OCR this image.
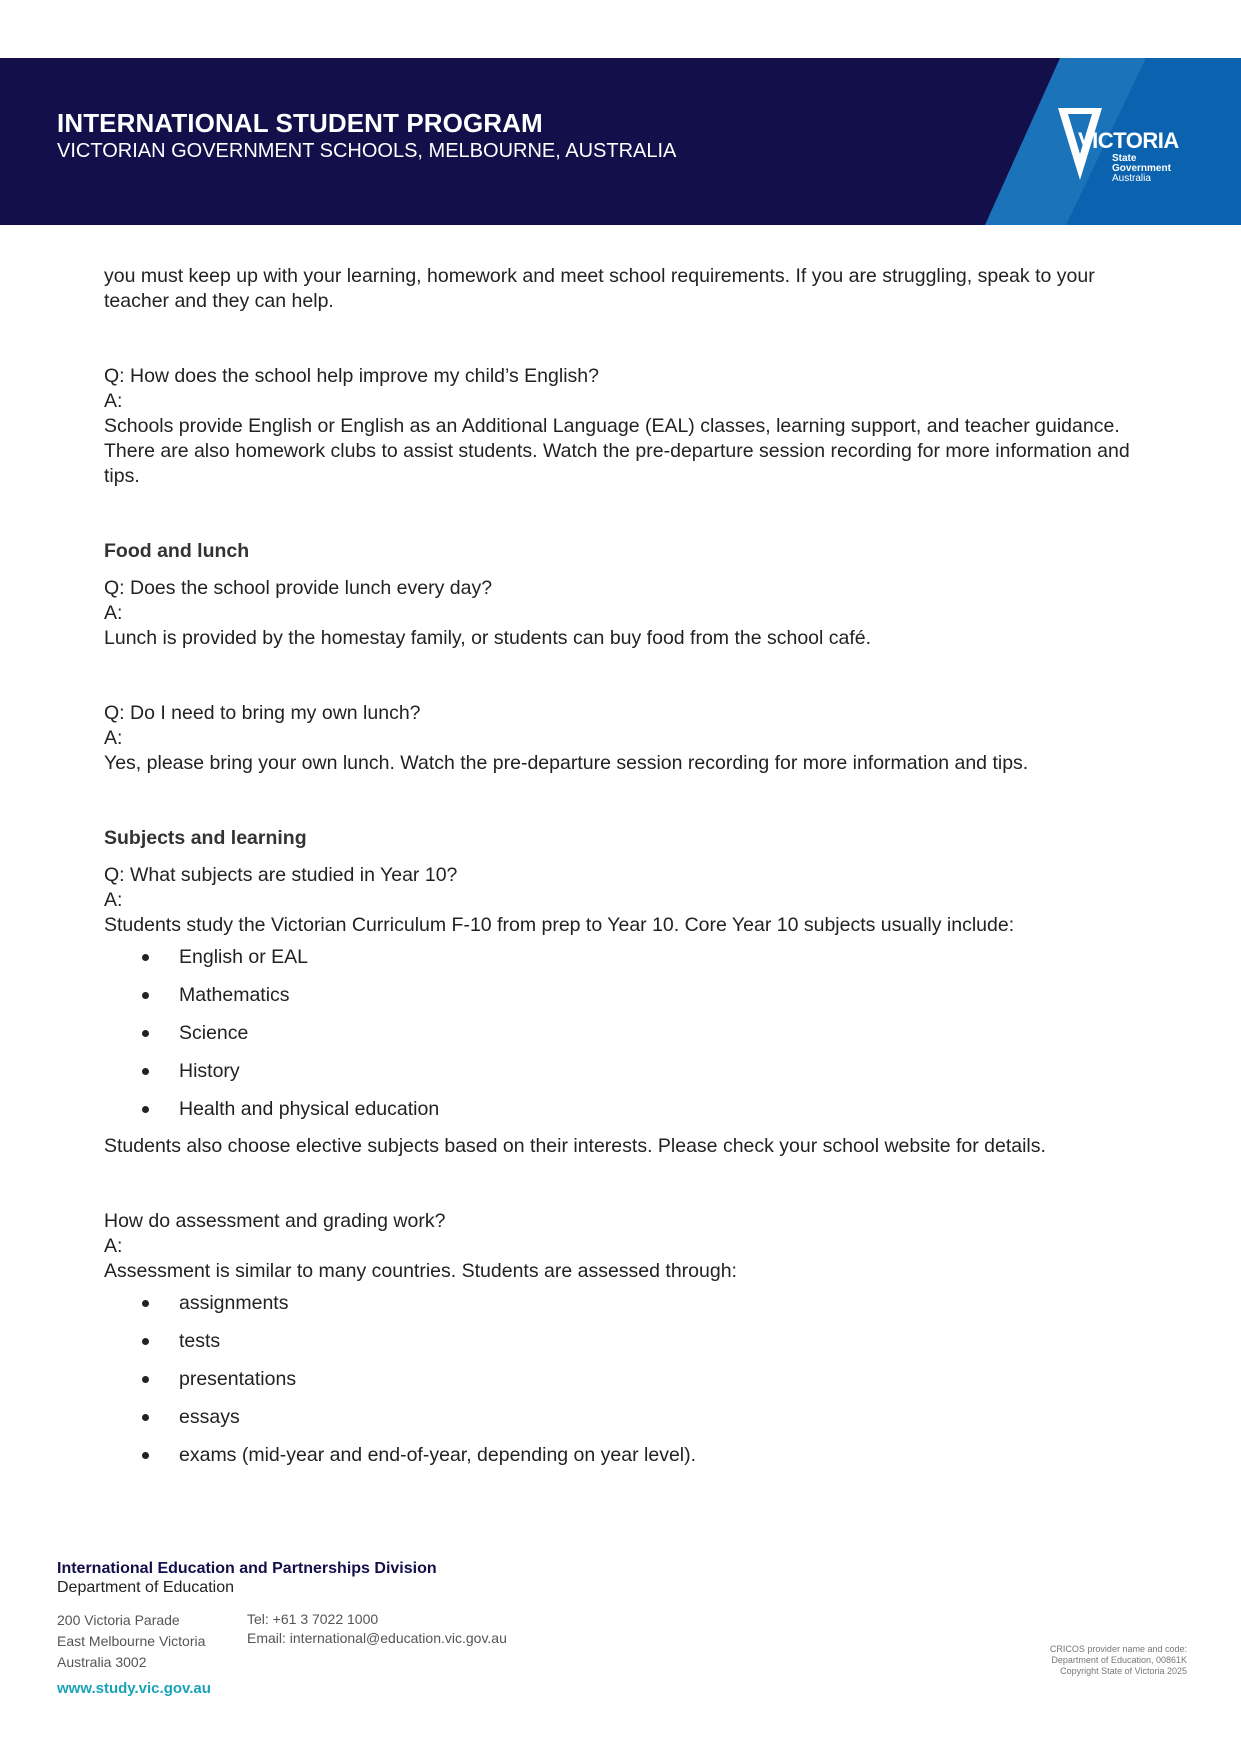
INTERNATIONAL STUDENT PROGRAM

VICTORIAN GOVERNMENT SCHOOLS, MELBOURNE, AUSTRALIA	VICTORIA
State
Government
Australia

you must keep up with your learning, homework and meet school requirements. If you are struggling, speak to your teacher and they can help.

Q: How does the school help improve my child’s English?

A:

Schools provide English or English as an Additional Language (EAL) classes, learning support, and teacher guidance. There are also homework clubs to assist students. Watch the pre-departure session recording for more information and tips.

Food and lunch

Q: Does the school provide lunch every day?

A:

Lunch is provided by the homestay family, or students can buy food from the school café.

Q: Do I need to bring my own lunch?

A:

Yes, please bring your own lunch. Watch the pre-departure session recording for more information and tips.

Subjects and learning

Q: What subjects are studied in Year 10?

A:

Students study the Victorian Curriculum F-10 from prep to Year 10. Core Year 10 subjects usually include:

English or EAL
Mathematics
Science
History
Health and physical education

Students also choose elective subjects based on their interests. Please check your school website for details.

How do assessment and grading work?

A:

Assessment is similar to many countries. Students are assessed through:

assignments
tests
presentations
essays
exams (mid-year and end-of-year, depending on year level).
International Education and Partnerships Division
Department of Education
200 Victoria Parade
East Melbourne Victoria
Australia 3002
Tel: +61 3 7022 1000
Email: international@education.vic.gov.au
www.study.vic.gov.au
CRICOS provider name and code:
Department of Education, 00861K
Copyright State of Victoria 2025
